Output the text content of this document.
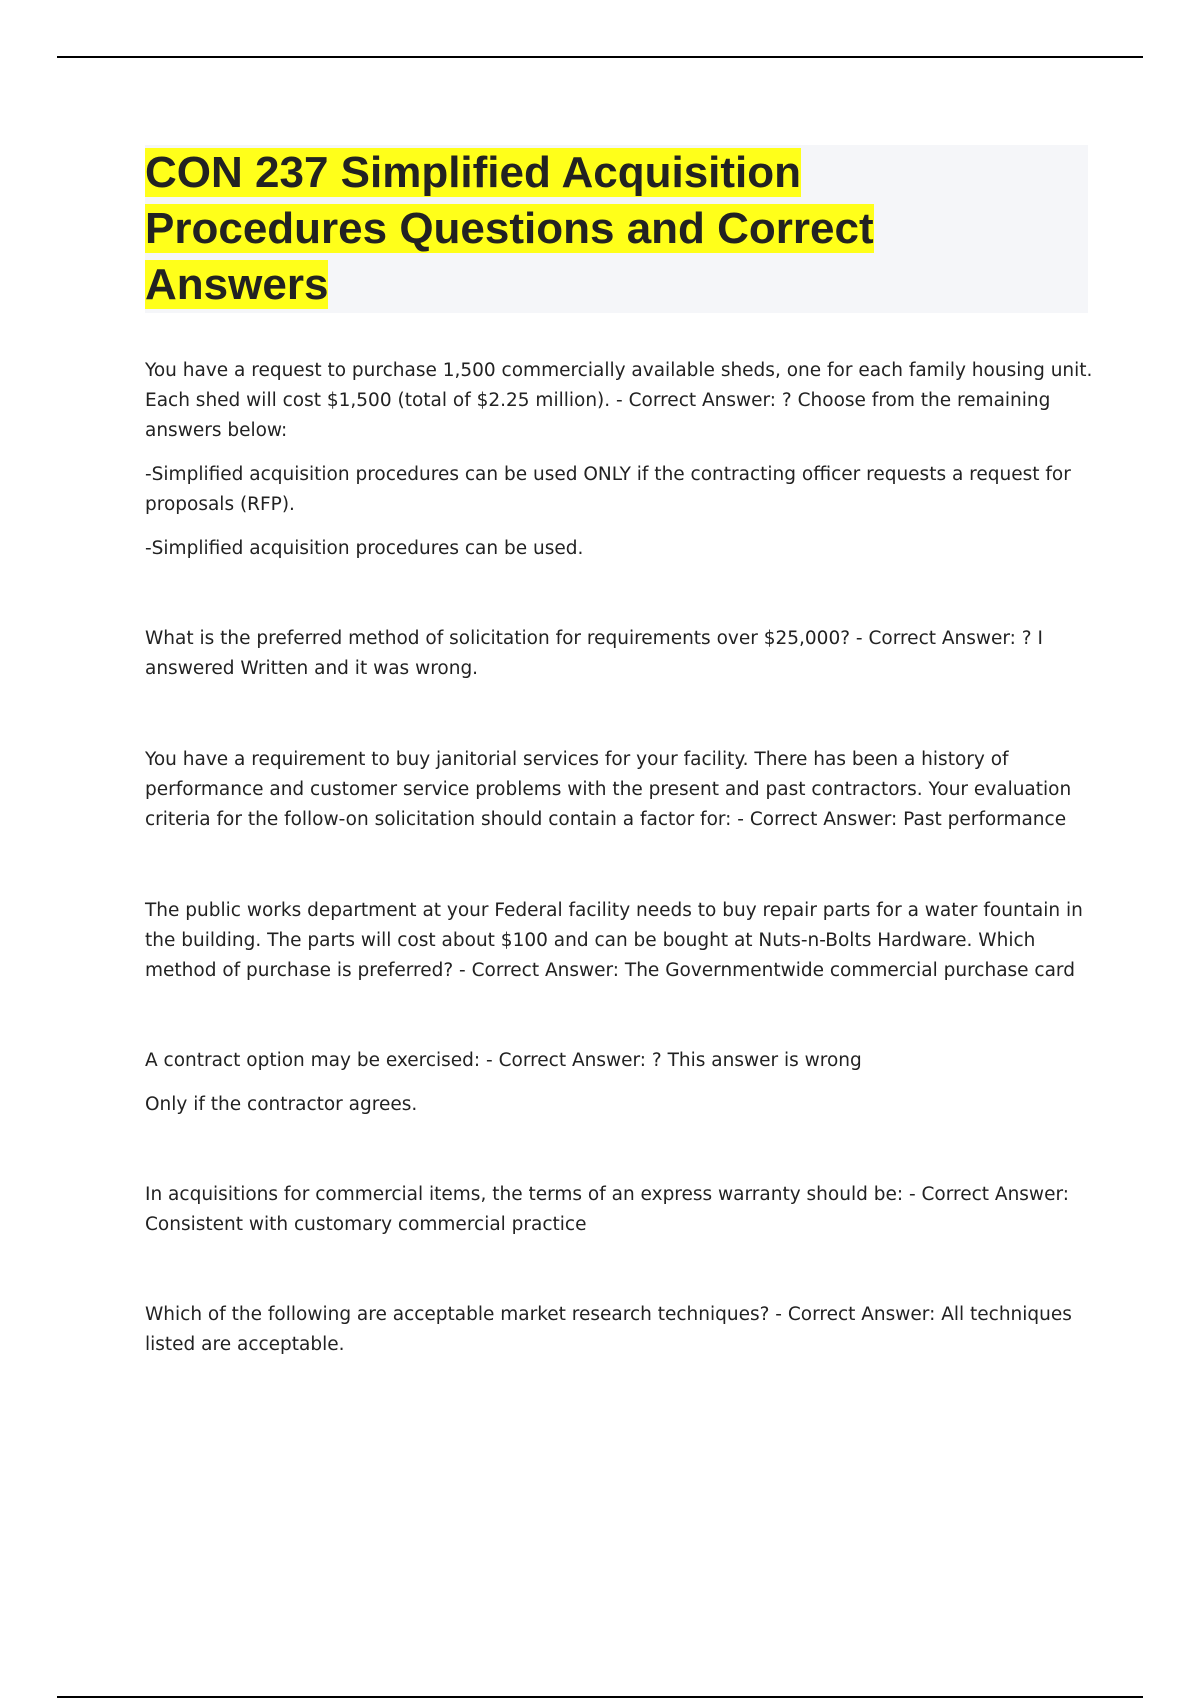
CON 237 Simplified Acquisition
Procedures Questions and Correct
Answers

You have a request to purchase 1,500 commercially available sheds, one for each family housing unit. Each shed will cost $1,500 (total of $2.25 million). - Correct Answer: ? Choose from the remaining answers below:

-Simplified acquisition procedures can be used ONLY if the contracting officer requests a request for proposals (RFP).

-Simplified acquisition procedures can be used.

What is the preferred method of solicitation for requirements over $25,000? - Correct Answer: ? I answered Written and it was wrong.

You have a requirement to buy janitorial services for your facility. There has been a history of performance and customer service problems with the present and past contractors. Your evaluation criteria for the follow-on solicitation should contain a factor for: - Correct Answer: Past performance

The public works department at your Federal facility needs to buy repair parts for a water fountain in the building. The parts will cost about $100 and can be bought at Nuts-n-Bolts Hardware. Which method of purchase is preferred? - Correct Answer: The Governmentwide commercial purchase card

A contract option may be exercised: - Correct Answer: ? This answer is wrong

Only if the contractor agrees.

In acquisitions for commercial items, the terms of an express warranty should be: - Correct Answer: Consistent with customary commercial practice

Which of the following are acceptable market research techniques? - Correct Answer: All techniques listed are acceptable.
